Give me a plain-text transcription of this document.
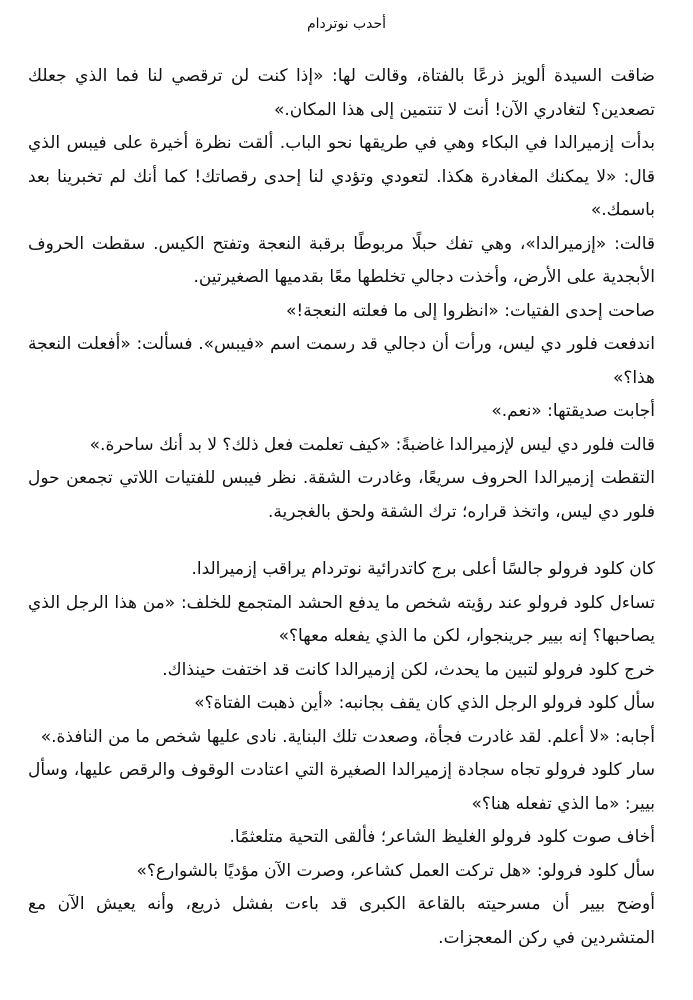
أحدب نوتردام

ضاقت السيدة ألويز ذرعًا بالفتاة، وقالت لها: «إذا كنت لن ترقصي لنا فما الذي جعلك تصعدين؟ لتغادري الآن! أنت لا تنتمين إلى هذا المكان.»

بدأت إزميرالدا في البكاء وهي في طريقها نحو الباب. ألقت نظرة أخيرة على فيبس الذي قال: «لا يمكنك المغادرة هكذا. لتعودي وتؤدي لنا إحدى رقصاتك! كما أنك لم تخبرينا بعد باسمك.»

قالت: «إزميرالدا»، وهي تفك حبلًا مربوطًا برقبة النعجة وتفتح الكيس. سقطت الحروف الأبجدية على الأرض، وأخذت دجالي تخلطها معًا بقدميها الصغيرتين.

صاحت إحدى الفتيات: «انظروا إلى ما فعلته النعجة!»

اندفعت فلور دي ليس، ورأت أن دجالي قد رسمت اسم «فيبس». فسألت: «أفعلت النعجة هذا؟»

أجابت صديقتها: «نعم.»

قالت فلور دي ليس لإزميرالدا غاضبةً: «كيف تعلمت فعل ذلك؟ لا بد أنك ساحرة.»

التقطت إزميرالدا الحروف سريعًا، وغادرت الشقة. نظر فيبس للفتيات اللاتي تجمعن حول فلور دي ليس، واتخذ قراره؛ ترك الشقة ولحق بالغجرية.

كان كلود فرولو جالسًا أعلى برج كاتدرائية نوتردام يراقب إزميرالدا.

تساءل كلود فرولو عند رؤيته شخص ما يدفع الحشد المتجمع للخلف: «من هذا الرجل الذي يصاحبها؟ إنه بيير جرينجوار، لكن ما الذي يفعله معها؟»

خرج كلود فرولو لتبين ما يحدث، لكن إزميرالدا كانت قد اختفت حينذاك.

سأل كلود فرولو الرجل الذي كان يقف بجانبه: «أين ذهبت الفتاة؟»

أجابه: «لا أعلم. لقد غادرت فجأة، وصعدت تلك البناية. نادى عليها شخص ما من النافذة.»

سار كلود فرولو تجاه سجادة إزميرالدا الصغيرة التي اعتادت الوقوف والرقص عليها، وسأل بيير: «ما الذي تفعله هنا؟»

أخاف صوت كلود فرولو الغليظ الشاعر؛ فألقى التحية متلعثمًا.

سأل كلود فرولو: «هل تركت العمل كشاعر، وصرت الآن مؤديًا بالشوارع؟»

أوضح بيير أن مسرحيته بالقاعة الكبرى قد باءت بفشل ذريع، وأنه يعيش الآن مع المتشردين في ركن المعجزات.
